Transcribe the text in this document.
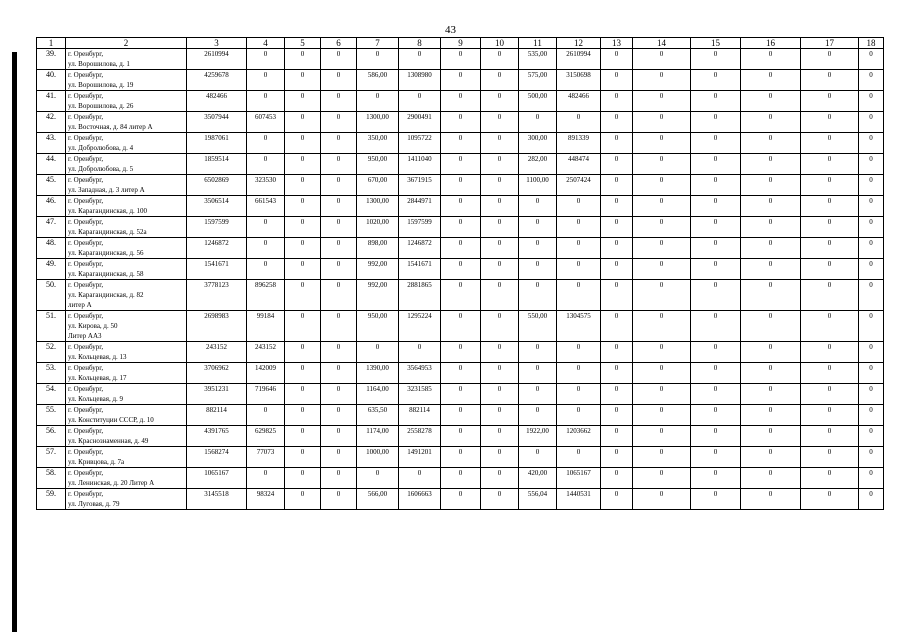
43
1	2	3	4	5	6	7	8	9	10	11	12	13	14	15	16	17	18
39.	г. Оренбург,
ул. Ворошилова, д. 1	2610994	0	0	0	0	0	0	0	535,00	2610994	0	0	0	0	0	0
40.	г. Оренбург,
ул. Ворошилова, д. 19	4259678	0	0	0	586,00	1308980	0	0	575,00	3150698	0	0	0	0	0	0
41.	г. Оренбург,
ул. Ворошилова, д. 26	482466	0	0	0	0	0	0	0	500,00	482466	0	0	0	0	0	0
42.	г. Оренбург,
ул. Восточная, д. 84 литер А	3507944	607453	0	0	1300,00	2900491	0	0	0	0	0	0	0	0	0	0
43.	г. Оренбург,
ул. Добролюбова, д. 4	1987061	0	0	0	350,00	1095722	0	0	300,00	891339	0	0	0	0	0	0
44.	г. Оренбург,
ул. Добролюбова, д. 5	1859514	0	0	0	950,00	1411040	0	0	282,00	448474	0	0	0	0	0	0
45.	г. Оренбург,
ул. Западная, д. 3 литер А	6502869	323530	0	0	670,00	3671915	0	0	1100,00	2507424	0	0	0	0	0	0
46.	г. Оренбург,
ул. Карагандинская, д. 100	3506514	661543	0	0	1300,00	2844971	0	0	0	0	0	0	0	0	0	0
47.	г. Оренбург,
ул. Карагандинская, д. 52а	1597599	0	0	0	1020,00	1597599	0	0	0	0	0	0	0	0	0	0
48.	г. Оренбург,
ул. Карагандинская, д. 56	1246872	0	0	0	898,00	1246872	0	0	0	0	0	0	0	0	0	0
49.	г. Оренбург,
ул. Карагандинская, д. 58	1541671	0	0	0	992,00	1541671	0	0	0	0	0	0	0	0	0	0
50.	г. Оренбург,
ул. Карагандинская, д. 82
литер А	3778123	896258	0	0	992,00	2881865	0	0	0	0	0	0	0	0	0	0
51.	г. Оренбург,
ул. Кирова, д. 50
Литер АА3	2698983	99184	0	0	950,00	1295224	0	0	550,00	1304575	0	0	0	0	0	0
52.	г. Оренбург,
ул. Кольцевая, д. 13	243152	243152	0	0	0	0	0	0	0	0	0	0	0	0	0	0
53.	г. Оренбург,
ул. Кольцевая, д. 17	3706962	142009	0	0	1390,00	3564953	0	0	0	0	0	0	0	0	0	0
54.	г. Оренбург,
ул. Кольцевая, д. 9	3951231	719646	0	0	1164,00	3231585	0	0	0	0	0	0	0	0	0	0
55.	г. Оренбург,
ул. Конституции СССР, д. 10	882114	0	0	0	635,50	882114	0	0	0	0	0	0	0	0	0	0
56.	г. Оренбург,
ул. Краснознаменная, д. 49	4391765	629825	0	0	1174,00	2558278	0	0	1922,00	1203662	0	0	0	0	0	0
57.	г. Оренбург,
ул. Кривцова, д. 7а	1568274	77073	0	0	1000,00	1491201	0	0	0	0	0	0	0	0	0	0
58.	г. Оренбург,
ул. Ленинская, д. 20 Литер А	1065167	0	0	0	0	0	0	0	420,00	1065167	0	0	0	0	0	0
59.	г. Оренбург,
ул. Луговая, д. 79	3145518	98324	0	0	566,00	1606663	0	0	556,04	1440531	0	0	0	0	0	0
